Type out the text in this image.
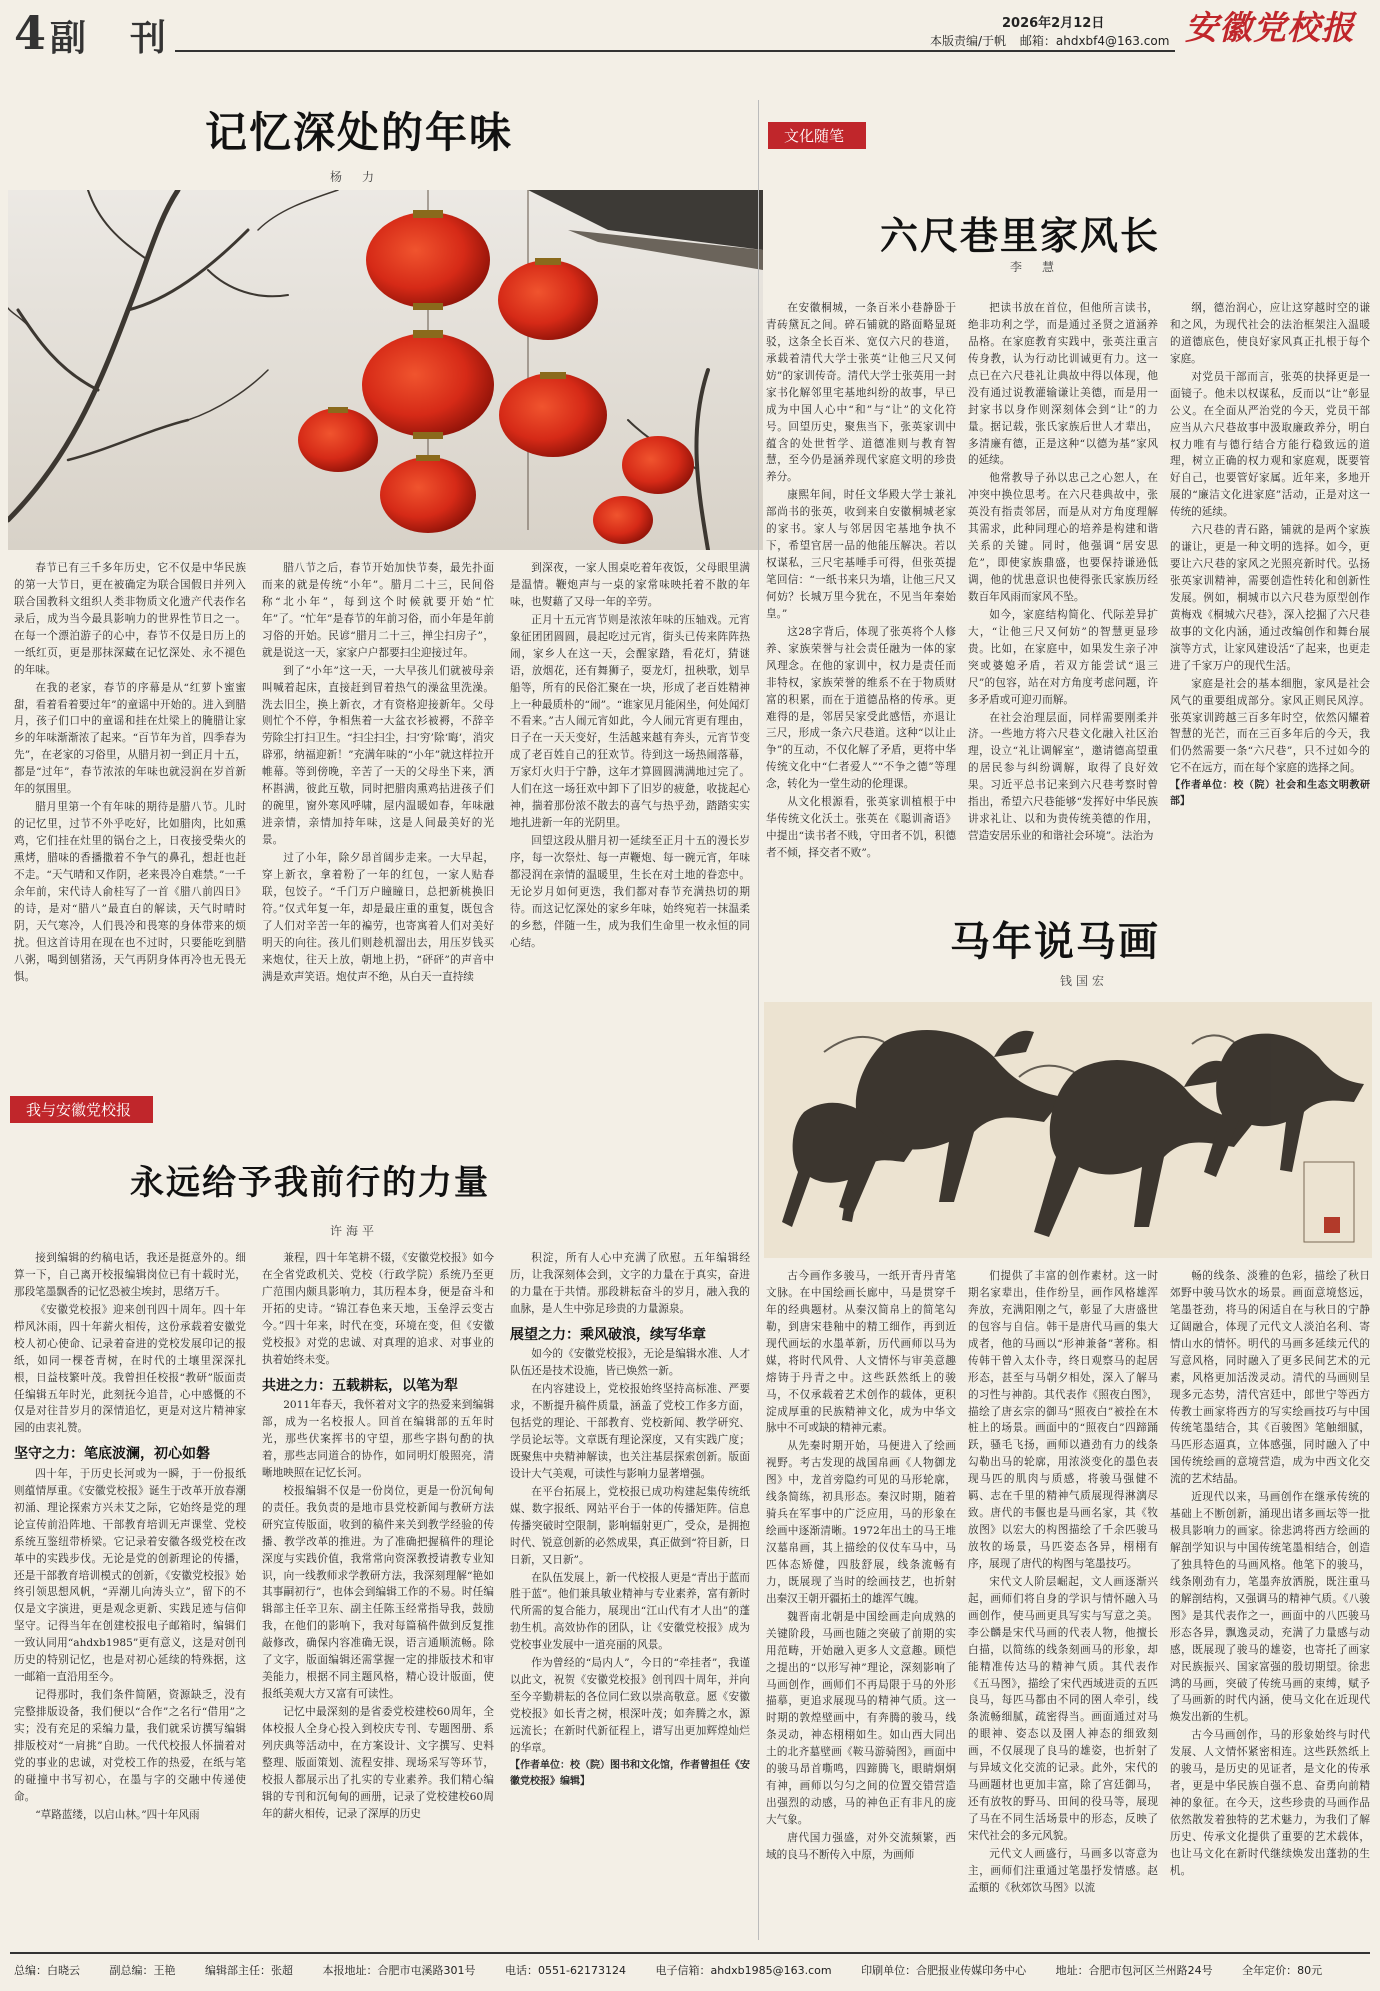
4 副　刊	2026年2月12日
本版责编/于帆 邮箱：ahdxbf4@163.com 安徽党校报
记忆深处的年味
杨　力

春节已有三千多年历史，它不仅是中华民族的第一大节日，更在被确定为联合国假日并列入联合国教科文组织人类非物质文化遗产代表作名录后，成为当今最具影响力的世界性节日之一。在每一个漂泊游子的心中，春节不仅是日历上的一纸红页，更是那抹深藏在记忆深处、永不褪色的年味。

在我的老家，春节的序幕是从“红萝卜蜜蜜甜，看着看着要过年”的童谣中开始的。进入到腊月，孩子们口中的童谣和挂在灶梁上的腌腊让家乡的年味渐渐浓了起来。“百节年为首，四季春为先”，在老家的习俗里，从腊月初一到正月十五，都是“过年”，春节浓浓的年味也就浸润在岁首新年的氛围里。

腊月里第一个有年味的期待是腊八节。儿时的记忆里，过节不外乎吃好，比如腊肉，比如熏鸡，它们挂在灶里的锅台之上，日夜接受柴火的熏烤，腊味的香播撒着不争气的鼻孔，想赶也赶不走。“天气晴和又作阴，老来畏冷自难禁。”一千余年前，宋代诗人俞桂写了一首《腊八前四日》的诗，是对“腊八”最直白的解读，天气时晴时阴，天气寒冷，人们畏冷和畏寒的身体带来的烦扰。但这首诗用在现在也不过时，只要能吃到腊八粥，喝到刨猪汤，天气再阴身体再冷也无畏无惧。

腊八节之后，春节开始加快节奏，最先扑面而来的就是传统“小年”。腊月二十三，民间俗称“北小年”，每到这个时候就要开始“忙年”了。“忙年”是春节的年前习俗，而小年是年前习俗的开始。民谚“腊月二十三，掸尘扫房子”，就是说这一天，家家户户都要扫尘迎接过年。

到了“小年”这一天，一大早孩儿们就被母亲叫喊着起床，直接赶到冒着热气的澡盆里洗澡。洗去旧尘，换上新衣，才有资格迎接新年。父母则忙个不停，争相焦着一大盆衣衫被褥，不辞辛劳除尘打扫卫生。“扫尘扫尘，扫‘穷’除‘晦’，消灾辟邪，纳福迎新！”充满年味的“小年”就这样拉开帷幕。等到傍晚，辛苦了一天的父母坐下来，洒杯斟满，彼此互敬，同时把腊肉熏鸡拈进孩子们的碗里，窗外寒风呼啸，屋内温暖如春，年味融进亲情，亲情加持年味，这是人间最美好的光景。

过了小年，除夕昂首阔步走来。一大早起，穿上新衣，拿着粉了一年的红包，一家人贴春联，包饺子。“千门万户瞳瞳日，总把新桃换旧符。”仅式年复一年，却是最庄重的重复，既包含了人们对辛苦一年的褊劳，也寄寓着人们对美好明天的向往。孩儿们则趁机溜出去，用压岁钱买来炮仗，往天上放，朝地上扔，“砰砰”的声音中满是欢声笑语。炮仗声不绝，从白天一直持续

到深夜，一家人围桌吃着年夜饭，父母眼里满是温情。鞭炮声与一桌的家常味映托着不散的年味，也熨藉了又母一年的辛劳。

正月十五元宵节则是浓浓年味的压轴戏。元宵象征团团圆圆，晨起吃过元宵，街头已传来阵阵热闹，家乡人在这一天，会醒家踏，看花灯，猜谜语，放烟花，还有舞狮子，耍龙灯，扭秧歌，划旱船等，所有的民俗汇聚在一块，形成了老百姓精神上一种最质朴的“闹”。“谁家见月能闲坐，何处闻灯不看来。”古人闹元宵如此，今人闹元宵更有理由，日子在一天天变好，生活越来越有奔头，元宵节变成了老百姓自己的狂欢节。待到这一场热闹落幕，万家灯火归于宁静，这年才算圆圆满满地过完了。人们在这一场狂欢中卸下了旧岁的疲惫，收拢起心神，揣着那份浓不散去的喜气与热乎劲，踏踏实实地扎进新一年的光阴里。

回望这段从腊月初一延续至正月十五的漫长岁序，每一次祭灶、每一声鞭炮、每一碗元宵，年味都浸润在亲情的温暖里，生长在对土地的眷恋中。无论岁月如何更迭，我们都对春节充满热切的期待。而这记忆深处的家乡年味，始终宛若一抹温柔的乡愁，伴随一生，成为我们生命里一枚永恒的同心结。

我与安徽党校报
永远给予我前行的力量
许海平

接到编辑的约稿电话，我还是挺意外的。细算一下，自己离开校报编辑岗位已有十载时光，那段笔墨飘香的记忆恐被尘埃封，思绪万千。

《安徽党校报》迎来创刊四十周年。四十年栉风沐雨，四十年薪火相传，这份承载着安徽党校人初心使命、记录着奋进的党校发展印记的报纸，如同一棵苍青树，在时代的土壤里深深扎根，日益枝繁叶茂。我曾担任校报“教研”版面责任编辑五年时光，此刻抚今追昔，心中感慨的不仅是对往昔岁月的深情追忆，更是对这片精神家园的由衷礼赞。

坚守之力：笔底波澜，初心如磐

四十年，于历史长河或为一瞬，于一份报纸则蕴情厚重。《安徽党校报》诞生于改革开放春潮初涌、理论探索方兴未艾之际，它始终是党的理论宣传前沿阵地、干部教育培训无声课堂、党校系统互鉴纽带桥梁。它记录着安徽各级党校在改革中的实践步伐。无论是党的创新理论的传播，还是干部教育培训模式的创新，《安徽党校报》始终引领思想风帆，“弄潮儿向涛头立”，留下的不仅是文字演进，更是观念更新、实践足迹与信仰坚守。记得当年在创建校报电子邮箱时，编辑们一致认同用“ahdxb1985”更有意义，这是对创刊历史的特别记忆，也是对初心延续的特殊据，这一邮箱一直沿用至今。

记得那时，我们条件简陋，资源缺乏，没有完整排版设备，我们便以“合作”之名行“借用”之实；没有充足的采编力量，我们就采访撰写编辑排版校对“一肩挑”自助。一代代校报人怀揣着对党的事业的忠诚，对党校工作的热爱，在纸与笔的碰撞中书写初心，在墨与字的交融中传递使命。

“草路蓝缕，以启山林。”四十年风雨

兼程，四十年笔耕不辍，《安徽党校报》如今在全省党政机关、党校（行政学院）系统乃至更广范围内颇具影响力，其历程本身，便是奋斗和开拓的史诗。“锦江春色来天地，玉垒浮云变古今。”四十年来，时代在变，环境在变，但《安徽党校报》对党的忠诚、对真理的追求、对事业的执着始终未变。

共进之力：五载耕耘，以笔为犁

2011年春天，我怀着对文字的热爱来到编辑部，成为一名校报人。回首在编辑部的五年时光，那些伏案挥书的守望，那些字斟句酌的执着，那些志同道合的协作，如同明灯般照亮，清晰地映照在记忆长河。

校报编辑不仅是一份岗位，更是一份沉甸甸的责任。我负责的是地市县党校新闻与教研方法研究宣传版面，收到的稿件来关到教学经验的传播、教学改革的推进。为了准确把握稿件的理论深度与实践价值，我常常向资深教授请教专业知识，向一线教师求学教研方法，我深刻理解“艳如其事嗣初行”，也体会到编辑工作的不易。时任编辑部主任辛卫东、副主任陈玉经常指导我，鼓励我，在他们的影响下，我对每篇稿件做到反复推敲修改，确保内容准确无误，语言通顺流畅。除了文字，版面编辑还需掌握一定的排版技术和审美能力，根据不同主题风格，精心设计版面，使报纸美观大方又富有可读性。

记忆中最深刻的是省委党校建校60周年，全体校报人全身心投入到校庆专刊、专题图册、系列庆典等活动中，在方案设计、文字撰写、史料整理、版面策划、流程安排、现场采写等环节，校报人都展示出了扎实的专业素养。我们精心编辑的专刊和沉甸甸的画册，记录了党校建校60周年的薪火相传，记录了深厚的历史

积淀，所有人心中充满了欣慰。五年编辑经历，让我深刻体会到，文字的力量在于真实，奋进的力量在于共情。那段耕耘奋斗的岁月，融入我的血脉，是人生中弥足珍贵的力量源泉。

展望之力：乘风破浪，续写华章

如今的《安徽党校报》，无论是编辑水准、人才队伍还是技术设施，皆已焕然一新。

在内容建设上，党校报始终坚持高标准、严要求，不断提升稿件质量，涵盖了党校工作多方面，包括党的理论、干部教育、党校新闻、教学研究、学员论坛等。文章既有理论深度，又有实践广度；既聚焦中央精神解读，也关注基层探索创新。版面设计大气美观，可读性与影响力显著增强。

在平台拓展上，党校报已成功构建起集传统纸媒、数字报纸、网站平台于一体的传播矩阵。信息传播突破时空限制，影响辐射更广，受众，是拥抱时代、锐意创新的必然成果，真正做到“符目新，日日新，又日新”。

在队伍发展上，新一代校报人更是“青出于蓝而胜于蓝”。他们兼具敏业精神与专业素养，富有新时代所需的复合能力，展现出“江山代有才人出”的蓬勃生机。高效协作的团队，让《安徽党校报》成为党校事业发展中一道亮丽的风景。

作为曾经的“局内人”，今日的“牵挂者”，我谨以此文，祝贺《安徽党校报》创刊四十周年，并向至今辛勤耕耘的各位同仁致以崇高敬意。愿《安徽党校报》如长青之树，根深叶茂；如奔腾之水，源远流长；在新时代新征程上，谱写出更加辉煌灿烂的华章。

【作者单位：校（院）图书和文化馆，作者曾担任《安徽党校报》编辑】

文化随笔
六尺巷里家风长
李　慧

在安徽桐城，一条百米小巷静卧于青砖黛瓦之间。碎石铺就的路面略显斑驳，这条全长百米、宽仅六尺的巷道，承载着清代大学士张英“让他三尺又何妨”的家训传奇。清代大学士张英用一封家书化解邻里宅基地纠纷的故事，早已成为中国人心中“和”与“让”的文化符号。回望历史，聚焦当下，张英家训中蕴含的处世哲学、道德准则与教育智慧，至今仍是涵养现代家庭文明的珍贵养分。

康熙年间，时任文华殿大学士兼礼部尚书的张英，收到来自安徽桐城老家的家书。家人与邻居因宅基地争执不下，希望官居一品的他能压解决。若以权谋私，三尺宅基唾手可得，但张英提笔回信：“一纸书来只为墙，让他三尺又何妨？长城万里今犹在，不见当年秦始皇。”

这28字背后，体现了张英将个人修养、家族荣誉与社会责任融为一体的家风理念。在他的家训中，权力是责任而非特权，家族荣誉的维系不在于物质财富的积累，而在于道德品格的传承。更难得的是，邻居吴家受此感悟，亦退让三尺，形成一条六尺巷道。这种“以让止争”的互动，不仅化解了矛盾，更将中华传统文化中“仁者爱人”“不争之德”等理念，转化为一堂生动的伦理课。

从文化根源看，张英家训植根于中华传统文化沃土。张英在《聪训斋语》中提出“读书者不贱，守田者不饥，积德者不倾，择交者不败”。

把读书放在首位，但他所言读书，绝非功利之学，而是通过圣贤之道涵养品格。在家庭教育实践中，张英注重言传身教，认为行动比训诫更有力。这一点已在六尺巷礼让典故中得以体现，他没有通过说教灌输谦让美德，而是用一封家书以身作则深刻体会到“让”的力量。据记载，张氏家族后世人才辈出，多清廉有德，正是这种“以德为基”家风的延续。

他常教导子孙以忠己之心恕人，在冲突中换位思考。在六尺巷典故中，张英没有指责邻居，而是从对方角度理解其需求，此种同理心的培养是构建和谐关系的关键。同时，他强调“居安思危”，即使家族鼎盛，也要保持谦逊低调，他的忧患意识也使得张氏家族历经数百年风雨而家风不坠。

如今，家庭结构简化、代际差异扩大，“让他三尺又何妨”的智慧更显珍贵。比如，在家庭中，如果发生亲子冲突或婆媳矛盾，若双方能尝试“退三尺”的包容，站在对方角度考虑问题，许多矛盾或可迎刃而解。

在社会治理层面，同样需要刚柔并济。一些地方将六尺巷文化融入社区治理，设立“礼让调解室”，邀请德高望重的居民参与纠纷调解，取得了良好效果。习近平总书记来到六尺巷考察时曾指出，希望六尺巷能够“发挥好中华民族讲求礼让、以和为贵传统美德的作用，营造安居乐业的和谐社会环境”。法治为

纲，德治润心，应让这穿越时空的谦和之风，为现代社会的法治框架注入温暖的道德底色，使良好家风真正扎根于每个家庭。

对党员干部而言，张英的抉择更是一面镜子。他未以权谋私，反而以“让”彰显公义。在全面从严治党的今天，党员干部应当从六尺巷故事中汲取廉政养分，明白权力唯有与德行结合方能行稳致远的道理，树立正确的权力观和家庭观，既要管好自己，也要管好家属。近年来，多地开展的“廉洁文化进家庭”活动，正是对这一传统的延续。

六尺巷的青石路，铺就的是两个家族的谦让，更是一种文明的选择。如今，更要让六尺巷的家风之光照亮新时代。弘扬张英家训精神，需要创造性转化和创新性发展。例如，桐城市以六尺巷为原型创作黄梅戏《桐城六尺巷》，深入挖掘了六尺巷故事的文化内涵，通过改编创作和舞台展演等方式，让家风建设活“了起来，也更走进了千家万户的现代生活。

家庭是社会的基本细胞，家风是社会风气的重要组成部分。家风正则民风淳。张英家训跨越三百多年时空，依然闪耀着智慧的光芒，而在三百多年后的今天，我们仍然需要一条“六尺巷”，只不过如今的它不在远方，而在每个家庭的选择之间。

【作者单位：校（院）社会和生态文明教研部】

马年说马画
钱国宏

古今画作多骏马，一纸开青丹青笔文脉。在中国绘画长廊中，马是贯穿千年的经典题材。从秦汉简帛上的简笔勾勒，到唐宋巷釉中的精工细作，再到近现代画坛的水墨革新，历代画师以马为媒，将时代风骨、人文情怀与审美意趣熔铸于丹青之中。这些跃然纸上的骏马，不仅承载着艺术创作的载体，更积淀成厚重的民族精神文化，成为中华文脉中不可或缺的精神元素。

从先秦时期开始，马便进入了绘画视野。考古发现的战国帛画《人物御龙图》中，龙首旁隐约可见的马形轮廓，线条简练，初具形态。秦汉时期，随着骑兵在军事中的广泛应用，马的形象在绘画中逐渐清晰。1972年出土的马王堆汉墓帛画，其上描绘的仪仗车马中，马匹体态矫健，四肢舒展，线条流畅有力，既展现了当时的绘画技艺，也折射出秦汉王朝开疆拓土的雄浑气魄。

魏晋南北朝是中国绘画走向成熟的关键阶段，马画也随之突破了前期的实用范畴，开始融入更多人文意趣。顾恺之提出的“以形写神”理论，深刻影响了马画创作，画师们不再局限于马的外形描摹，更追求展现马的精神气质。这一时期的敦煌壁画中，有奔腾的骏马，线条灵动，神态栩栩如生。如山西大同出土的北齐墓壁画《鞍马游骑图》，画面中的骏马昂首嘶鸣，四蹄腾飞，眼睛炯炯有神，画师以匀匀之间的位置交错营造出强烈的动感，马的神色正有非凡的庞大气象。

唐代国力强盛，对外交流频繁，西域的良马不断传入中原，为画师

们提供了丰富的创作素材。这一时期名家辈出，佳作纷呈，画作风格雄浑奔放，充满阳刚之气，彰显了大唐盛世的包容与自信。韩干是唐代马画的集大成者，他的马画以“形神兼备”著称。相传韩干曾入太仆寺，终日观察马的起居形态，甚至与马朝夕相处，深入了解马的习性与神韵。其代表作《照夜白图》，描绘了唐玄宗的御马“照夜白”被拴在木桩上的场景。画面中的“照夜白”四蹄踊跃，骚毛飞扬，画师以遒劲有力的线条勾勒出马的轮廓，用浓淡变化的墨色表现马匹的肌肉与质感，将骏马强健不羁、志在千里的精神气质展现得淋漓尽致。唐代的韦偃也是马画名家，其《牧放图》以宏大的构图描绘了千余匹骏马放牧的场景，马匹姿态各异，栩栩有序，展现了唐代的构图与笔墨技巧。

宋代文人阶层崛起，文人画逐渐兴起，画师们将自身的学识与情怀融入马画创作，使马画更具写实与写意之美。李公麟是宋代马画的代表人物，他擅长白描，以简练的线条刻画马的形象，却能精准传达马的精神气质。其代表作《五马图》，描绘了宋代西域进贡的五匹良马，每匹马都由不同的圉人牵引，线条流畅细腻，疏密得当。画面通过对马的眼神、姿态以及圉人神态的细致刻画，不仅展现了良马的雄姿，也折射了与异域文化交流的记录。此外，宋代的马画题材也更加丰富，除了宫廷御马，还有放牧的野马、田间的役马等，展现了马在不同生活场景中的形态，反映了宋代社会的多元风貌。

元代文人画盛行，马画多以寄意为主，画师们注重通过笔墨抒发情感。赵孟頫的《秋郊饮马图》以流

畅的线条、淡雅的色彩，描绘了秋日郊野中骏马饮水的场景。画面意境悠远，笔墨苍劲，将马的闲适自在与秋日的宁静辽阔融合，体现了元代文人淡泊名利、寄情山水的情怀。明代的马画多延续元代的写意风格，同时融入了更多民间艺术的元素，风格更加活泼灵动。清代的马画则呈现多元态势，清代宫廷中，郎世宁等西方传教士画家将西方的写实绘画技巧与中国传统笔墨结合，其《百骏图》笔触细腻，马匹形态逼真，立体感强，同时融入了中国传统绘画的意境营造，成为中西文化交流的艺术结晶。

近现代以来，马画创作在继承传统的基础上不断创新，涌现出诸多画坛等一批极具影响力的画家。徐悲鸿将西方绘画的解剖学知识与中国传统笔墨相结合，创造了独具特色的马画风格。他笔下的骏马，线条刚劲有力，笔墨奔放洒脱，既注重马的解剖结构，又强调马的精神气质。《八骏图》是其代表作之一，画面中的八匹骏马形态各异，飘逸灵动，充满了力量感与动感，既展现了骏马的雄姿，也寄托了画家对民族振兴、国家富强的殷切期望。徐悲鸿的马画，突破了传统马画的束缚，赋予了马画新的时代内涵，使马文化在近现代焕发出新的生机。

古今马画创作，马的形象始终与时代发展、人文情怀紧密相连。这些跃然纸上的骏马，是历史的见证者，是文化的传承者，更是中华民族自强不息、奋勇向前精神的象征。在今天，这些珍贵的马画作品依然散发着独特的艺术魅力，为我们了解历史、传承文化提供了重要的艺术载体，也让马文化在新时代继续焕发出蓬勃的生机。

总编：白晓云	副总编：王艳	编辑部主任：张超	本报地址：合肥市屯溪路301号	电话：0551-62173124	电子信箱：ahdxb1985@163.com	印刷单位：合肥报业传媒印务中心	地址：合肥市包河区兰州路24号	全年定价：80元
